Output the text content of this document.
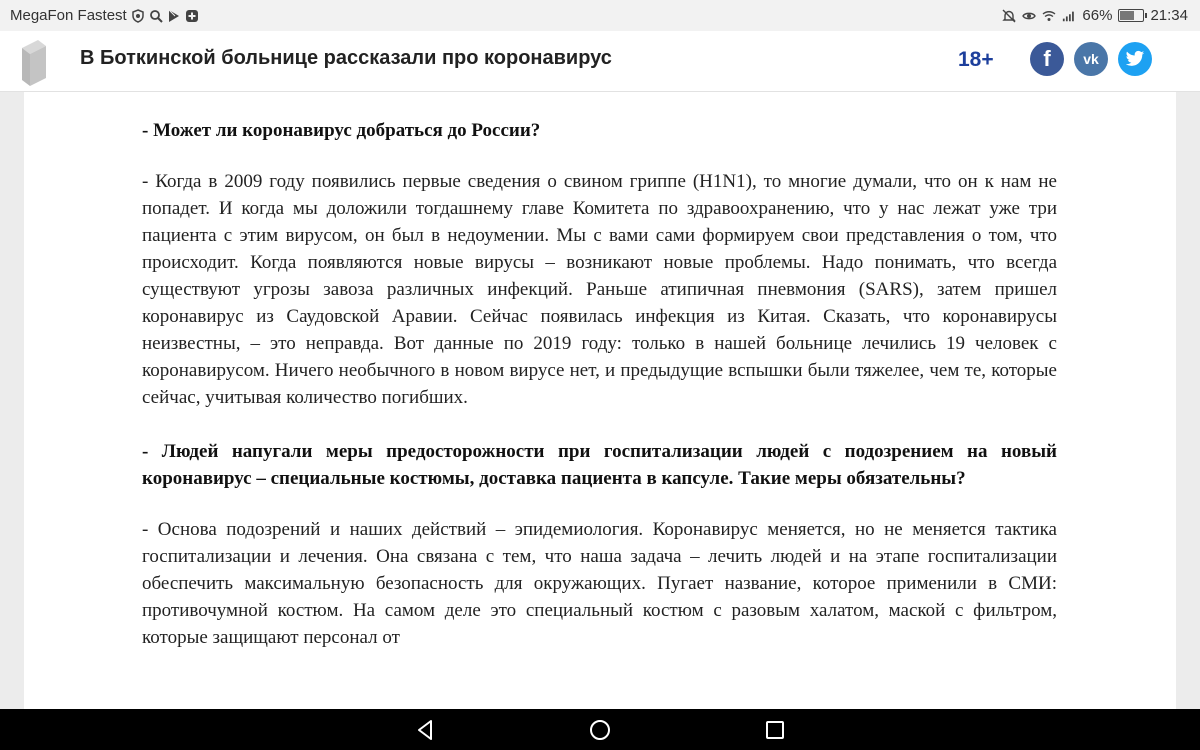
MegaFon Fastest	66%	21:34
В Боткинской больнице рассказали про коронавирус	18+ f vk

- Может ли коронавирус добраться до России?

- Когда в 2009 году появились первые сведения о свином гриппе (H1N1), то многие думали, что он к нам не попадет. И когда мы доложили тогдашнему главе Комитета по здравоохранению, что у нас лежат уже три пациента с этим вирусом, он был в недоумении. Мы с вами сами формируем свои представления о том, что происходит. Когда появляются новые вирусы – возникают новые проблемы. Надо понимать, что всегда существуют угрозы завоза различных инфекций. Раньше атипичная пневмония (SARS), затем пришел коронавирус из Саудовской Аравии. Сейчас появилась инфекция из Китая. Сказать, что коронавирусы неизвестны, – это неправда. Вот данные по 2019 году: только в нашей больнице лечились 19 человек с коронавирусом. Ничего необычного в новом вирусе нет, и предыдущие вспышки были тяжелее, чем те, которые сейчас, учитывая количество погибших.

- Людей напугали меры предосторожности при госпитализации людей с подозрением на новый коронавирус – специальные костюмы, доставка пациента в капсуле. Такие меры обязательны?

- Основа подозрений и наших действий – эпидемиология. Коронавирус меняется, но не меняется тактика госпитализации и лечения. Она связана с тем, что наша задача – лечить людей и на этапе госпитализации обеспечить максимальную безопасность для окружающих. Пугает название, которое применили в СМИ: противочумной костюм. На самом деле это специальный костюм с разовым халатом, маской с фильтром, которые защищают персонал от
